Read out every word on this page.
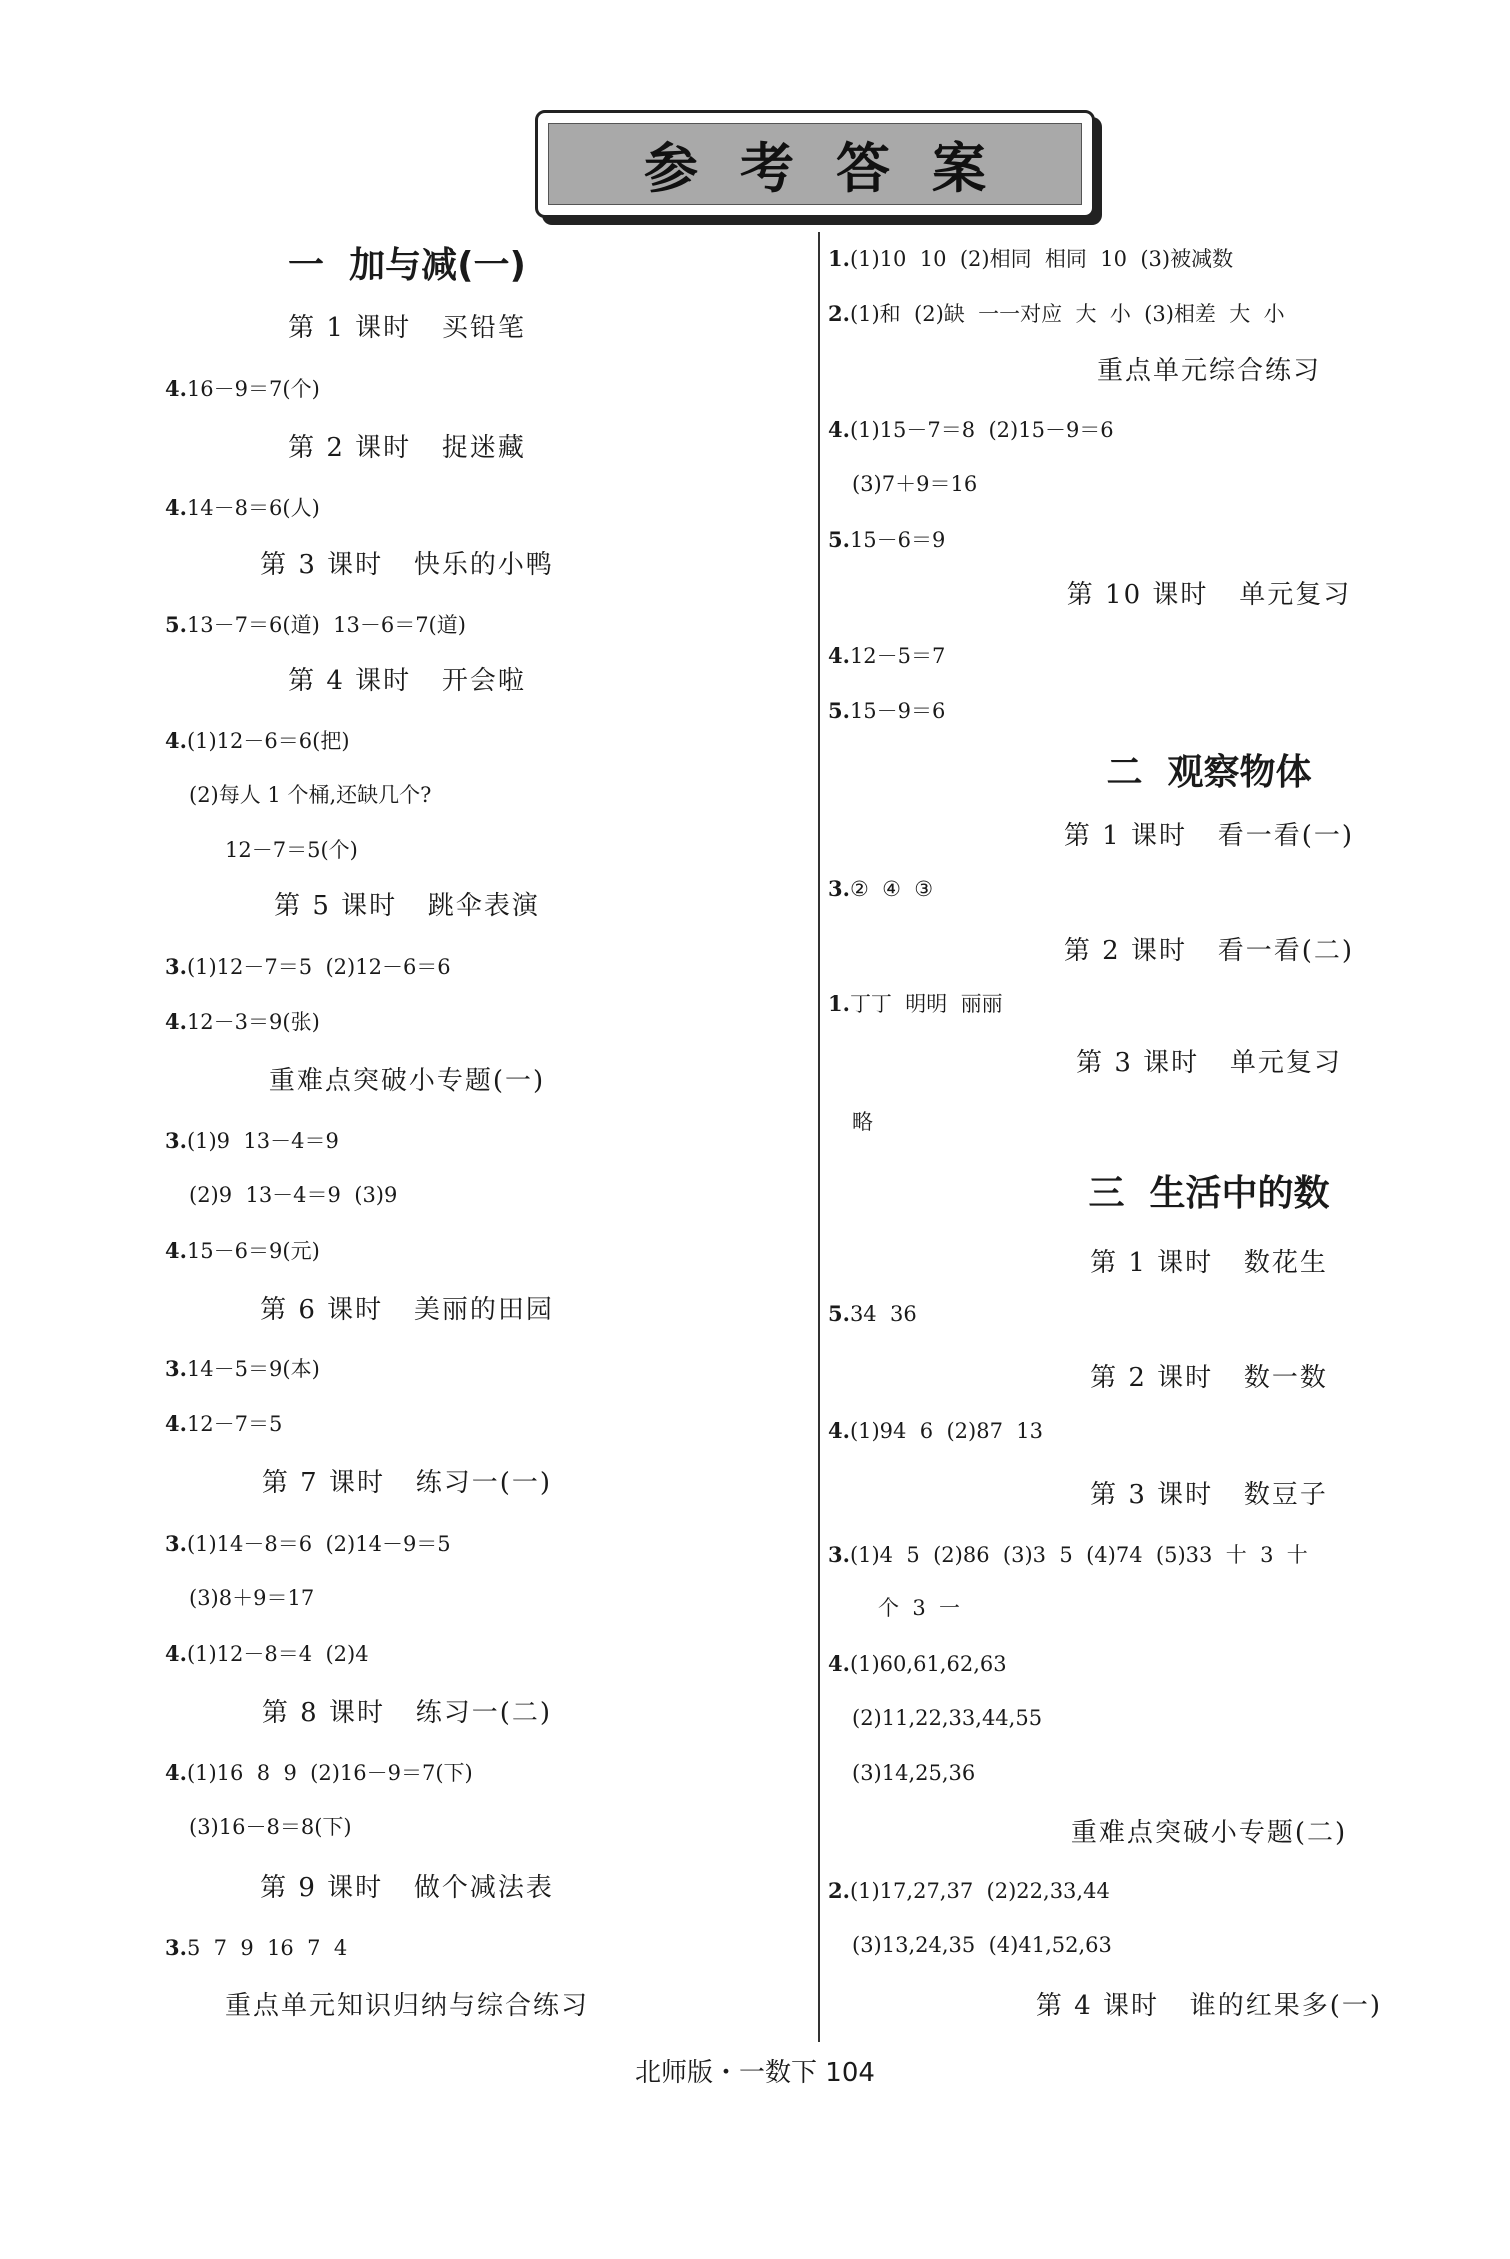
参考答案
一  加与减(一)
第 1 课时   买铅笔
4.16－9＝7(个)
第 2 课时   捉迷藏
4.14－8＝6(人)
第 3 课时   快乐的小鸭
5.13－7＝6(道)  13－6＝7(道)
第 4 课时   开会啦
4.(1)12－6＝6(把)
(2)每人 1 个桶,还缺几个?
12－7＝5(个)
第 5 课时   跳伞表演
3.(1)12－7＝5  (2)12－6＝6
4.12－3＝9(张)
重难点突破小专题(一)
3.(1)9  13－4＝9
(2)9  13－4＝9  (3)9
4.15－6＝9(元)
第 6 课时   美丽的田园
3.14－5＝9(本)
4.12－7＝5
第 7 课时   练习一(一)
3.(1)14－8＝6  (2)14－9＝5
(3)8＋9＝17
4.(1)12－8＝4  (2)4
第 8 课时   练习一(二)
4.(1)16  8  9  (2)16－9＝7(下)
(3)16－8＝8(下)
第 9 课时   做个减法表
3.5  7  9  16  7  4
重点单元知识归纳与综合练习
1.(1)10  10  (2)相同  相同  10  (3)被减数
2.(1)和  (2)缺  一一对应  大  小  (3)相差  大  小
重点单元综合练习
4.(1)15－7＝8  (2)15－9＝6
(3)7＋9＝16
5.15－6＝9
第 10 课时   单元复习
4.12－5＝7
5.15－9＝6
二  观察物体
第 1 课时   看一看(一)
3.②  ④  ③
第 2 课时   看一看(二)
1.丁丁  明明  丽丽
第 3 课时   单元复习
略
三  生活中的数
第 1 课时   数花生
5.34  36
第 2 课时   数一数
4.(1)94  6  (2)87  13
第 3 课时   数豆子
3.(1)4  5  (2)86  (3)3  5  (4)74  (5)33  十  3  十
个  3  一
4.(1)60,61,62,63
(2)11,22,33,44,55
(3)14,25,36
重难点突破小专题(二)
2.(1)17,27,37  (2)22,33,44
(3)13,24,35  (4)41,52,63
第 4 课时   谁的红果多(一)
北师版・一数下 104
